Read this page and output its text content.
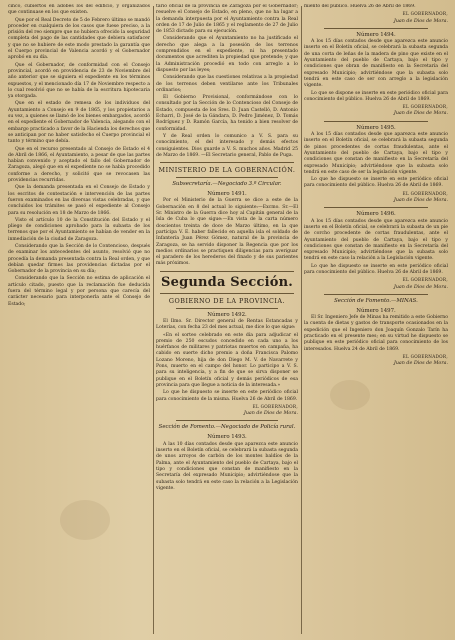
cinco, cubiertos en adobes los del edificio, y organizados que continuase en los que existen.

Que por el Real Decreto de 5 de Febrero último se mandó proceder en cualquiera de los casos que fuese preciso, a la prisión del reo siempre que no hubiera ofrecido la seguridad completa del pago de las cantidades que debiera satisfacer y que no se hubiere de este modo prestado la garantía que el Cuerpo provincial de Valencia acordó y el Gobernador aprobó en su día.

Que el Gobernador, de conformidad con el Consejo provincial, acordó en providencia de 23 de Noviembre del año anterior que se siguiera el expediente en los términos expuestos, y el mencionado día 17 de Noviembre respecto a lo cual resolvió que no se había de la escritura hipotecaria ya otorgada.

Que en el estado de remesa de los individuos del Ayuntamiento a Consejo en 9 de 1865, y los propietarios a su vez, a quienes se llamó de los bienes embargados, acordó en el expediente el Gobernador de Valencia, alegando con el embargo practicado a favor de la Hacienda los derechos que se anticipan por no haber satisfecho el Cuerpo provincial el tanto y término que debía.

Que en el recurso presentado al Consejo de Estado el 4 de Abril de 1866, el Ayuntamiento, a pesar de que las partes habían convenido y aceptado el fallo del Gobernador de Zaragoza, alegó que en el expediente no se había procedido conforme a derecho, y solicitó que se revocasen las providencias recurridas.

Que la demanda presentada en el Consejo de Estado y los escritos de contestación e intervención de las partes fueron examinados en las diversas vistas celebradas, y que concluidos los trámites se pasó el expediente al Consejo para su resolución en 18 de Marzo de 1866.

Visto el artículo 10 de la Constitución del Estado y el pliego de condiciones aprobado para la subasta de los terrenos que por el Ayuntamiento se habían de vender en la inmediación de la ciudad de Zaragoza.

Considerando que la Sección de lo Contencioso, después de examinar los antecedentes del asunto, resolvió que no procedía la demanda presentada contra la Real orden, y que debían quedar firmes las providencias dictadas por el Gobernador de la provincia en su día;

Considerando que la Sección no estima de aplicación el artículo citado, puesto que la reclamación fue deducida fuera del término legal y por persona que carecía del carácter necesario para interponerla ante el Consejo de Estado;

tario oficial de la provincia de Zaragoza por el Gobernador; resuelve el Consejo de Estado, en pleno, que no ha lugar a la demanda interpuesta por el Ayuntamiento contra la Real orden de 17 de Julio de 1865 y el reglamento de 27 de Julio de 1853 dictado para su ejecución.

Considerando que el Ayuntamiento no ha justificado el derecho que alega a la posesión de los terrenos comprendidos en el expediente, ni ha presentado documentos que acrediten la propiedad que pretende; y que la Administración procedió en todo con arreglo a lo dispuesto por las leyes;

Considerando que las cuestiones relativas a la propiedad de los terrenos deben ventilarse ante los Tribunales ordinarios;

El Gobierno Provisional, conformándose con lo consultado por la Sección de lo Contencioso del Consejo de Estado, compuesta de los Sres. D. Juan Castelló, D. Antonio Echarri, D. José de la Gándara, D. Pedro Jiménez, D. Tomás Rodríguez y D. Ramón García, ha tenido a bien resolver de conformidad.

Y de Real orden lo comunico a V. S. para su conocimiento, el del interesado y demás efectos consiguientes. Dios guarde a V. S. muchos años. Madrid 25 de Marzo de 1869. —El Secretario general, Pablo de Puga.

MINISTERIO DE LA GOBERNACIÓN.
Subsecretaría.—Negociado 3.º Circular.
Número 1491.

Por el Ministerio de la Guerra se dice a este de la Gobernación en 8 del actual lo siguiente:—Excmo. Sr.—El Sr. Ministro de la Guerra dice hoy al Capitán general de la Isla de Cuba lo que sigue:—En vista de la carta número doscientos treinta de doce de Marzo último, en la que participa V. E. haber fallecido en aquella isla el soldado de Infantería Juan Pérez Gómez, natural de la provincia de Zaragoza, se ha servido disponer la Regencia que por los medios ordinarios se practiquen diligencias para averiguar el paradero de los herederos del finado y de sus parientes más próximos.

Segunda Sección.
GOBIERNO DE LA PROVINCIA.
Número 1492.

El Ilmo. Sr. Director general de Rentas Estancadas y Loterías, con fecha 23 del mes actual, me dice lo que sigue:

«En el sorteo celebrado en este día para adjudicar el premio de 250 escudos concedido en cada uno a los huérfanos de militares y patriotas muertos en campaña, ha cabido en suerte dicho premio a doña Francisca Palomo Lozano Moreno, hija de don Diego M. V. de Navarrete y Pons, muerto en el campo del honor. Lo participo a V. S. para su inteligencia, y a fin de que se sirva disponer se publique en el Boletín oficial y demás periódicos de esa provincia para que llegue a noticia de la interesada.»

Lo que he dispuesto se inserte en este periódico oficial para conocimiento de la misma. Huelva 26 de Abril de 1869.

EL GOBERNADOR,
Juan de Dios de Mora.
Sección de Fomento.—Negociado de Policía rural.
Número 1493.

A las 10 días contados desde que aparezca este anuncio inserto en el Boletín oficial, se celebrará la subasta segunda de unos arroyos de carbón de los montes baldíos de la Palma, ante el Ayuntamiento del pueblo de Cartaya, bajo el tipo y condiciones que constan de manifiesto en la Secretaría del expresado Municipio; advirtiéndose que la subasta solo tendrá en este caso la relación a la Legislación vigente.

miento del público. Huelva 26 de Abril de 1869.

EL GOBERNADOR,
Juan de Dios de Mora.
Número 1494.

A los 15 días contados desde que aparezca este anuncio inserto en el Boletín oficial, se celebrará la subasta segunda de una corta de leñas de la madera de pino que existe en el Ayuntamiento del pueblo de Cartaya, bajo el tipo y condiciones que obran de manifiesto en la Secretaría del expresado Municipio; advirtiéndose que la subasta solo tendrá en este caso de ser con arreglo a la legislación vigente.

Lo que se dispone se inserte en este periódico oficial para conocimiento del público. Huelva 26 de Abril de 1869.

EL GOBERNADOR,
Juan de Dios de Mora.
Número 1495.

A los 15 días contados desde que aparezca este anuncio inserto en el Boletín oficial, se celebrará la subasta segunda de pinos procedentes de cortas fraudulentas, ante el Ayuntamiento del pueblo de Cartaya, bajo el tipo y condiciones que constan de manifiesto en la Secretaría del expresado Municipio; advirtiéndose que la subasta solo tendrá en este caso de ser la legislación vigente.

Lo que he dispuesto se inserte en este periódico oficial para conocimiento del público. Huelva 26 de Abril de 1869.

EL GOBERNADOR,
Juan de Dios de Mora.
Número 1496.

A los 15 días contados desde que aparezca este anuncio inserto en el Boletín oficial, se celebrará la subasta de un pie de corcho procedente de cortas fraudulentas, ante el Ayuntamiento del pueblo de Cartaya, bajo el tipo y condiciones que constan de manifiesto en la Secretaría del expresado Municipio; advirtiéndose que la subasta solo tendrá en este caso la relación a la Legislación vigente.

Lo que he dispuesto se inserte en este periódico oficial para conocimiento del público. Huelva 26 de Abril de 1869.

EL GOBERNADOR,
Juan de Dios de Mora.
Sección de Fomento.—MINAS.
Número 1497.

El Sr. Ingeniero Jefe de Minas ha remitido a este Gobierno la cuenta de dietas y gastos de transporte ocasionados en la expedición que el Ingeniero don Joaquín Gonzalo Tarín ha practicado en el presente mes; en su virtud he dispuesto se publique en este periódico oficial para conocimiento de los interesados. Huelva 24 de Abril de 1869.

EL GOBERNADOR,
Juan de Dios de Mora.
